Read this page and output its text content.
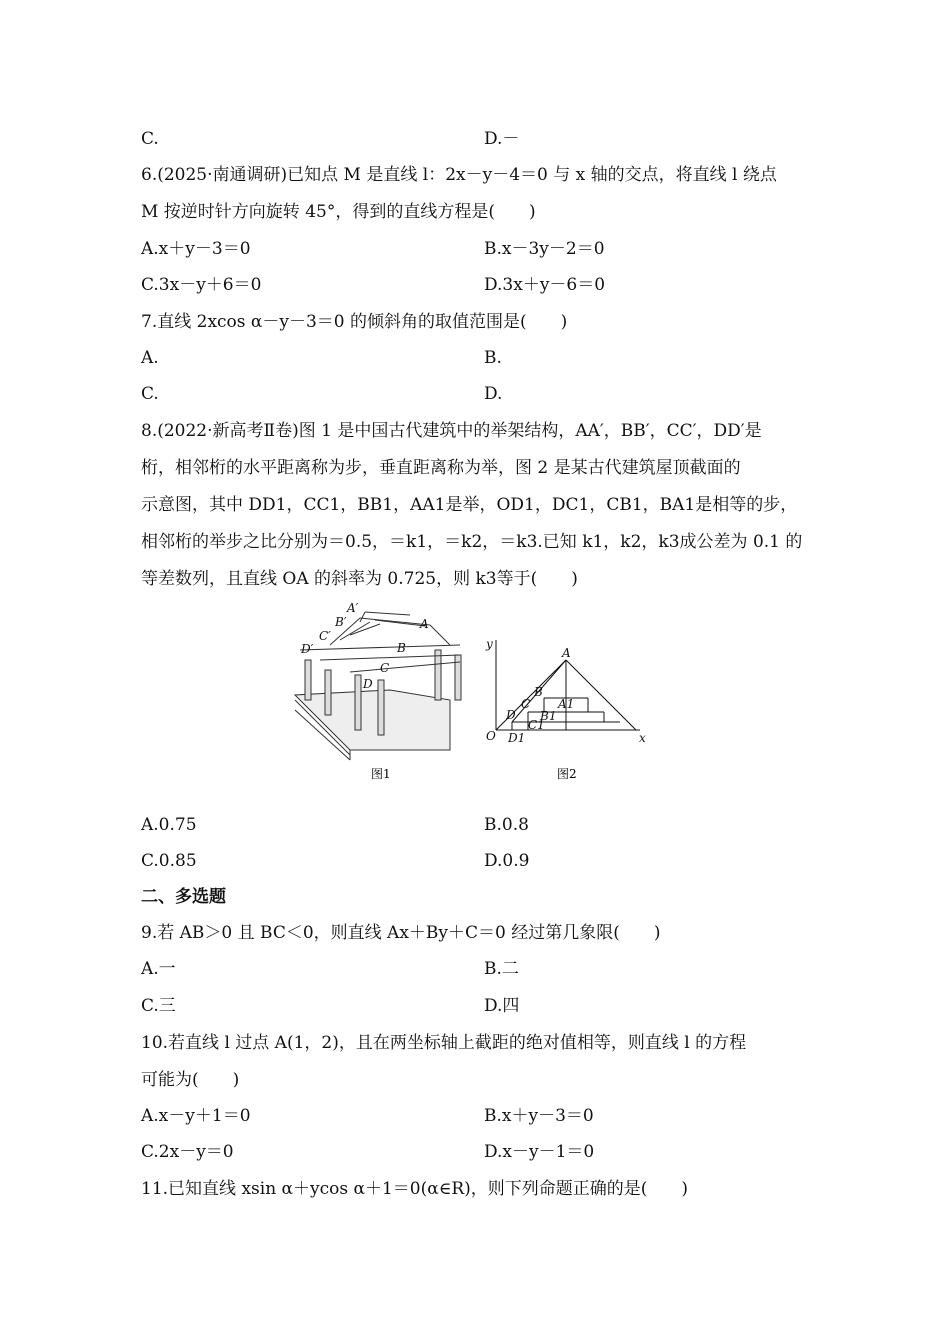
C.	D.－
6.(2025·南通调研)已知点 M 是直线 l：2x－y－4＝0 与 x 轴的交点，将直线 l 绕点
M 按逆时针方向旋转 45°，得到的直线方程是(　　)
A.x＋y－3＝0	B.x－3y－2＝0
C.3x－y＋6＝0	D.3x＋y－6＝0
7.直线 2xcos α－y－3＝0 的倾斜角的取值范围是(　　)
A.	B.
C.	D.
8.(2022·新高考Ⅱ卷)图 1 是中国古代建筑中的举架结构，AA′，BB′，CC′，DD′是
桁，相邻桁的水平距离称为步，垂直距离称为举，图 2 是某古代建筑屋顶截面的
示意图，其中 DD1，CC1，BB1，AA1是举，OD1，DC1，CB1，BA1是相等的步，
相邻桁的举步之比分别为＝0.5，＝k1，＝k2，＝k3.已知 k1，k2，k3成公差为 0.1 的
等差数列，且直线 OA 的斜率为 0.725，则 k3等于(　　)
A′
B′
C′
D′
A
B
C
D
y
A
B
C A1
B1
D
C1
O D1	x
图1	图2
A.0.75	B.0.8
C.0.85	D.0.9
二、多选题
9.若 AB＞0 且 BC＜0，则直线 Ax＋By＋C＝0 经过第几象限(　　)
A.一	B.二
C.三	D.四
10.若直线 l 过点 A(1，2)，且在两坐标轴上截距的绝对值相等，则直线 l 的方程
可能为(　　)
A.x－y＋1＝0	B.x＋y－3＝0
C.2x－y＝0	D.x－y－1＝0
11.已知直线 xsin α＋ycos α＋1＝0(α∈R)，则下列命题正确的是(　　)
